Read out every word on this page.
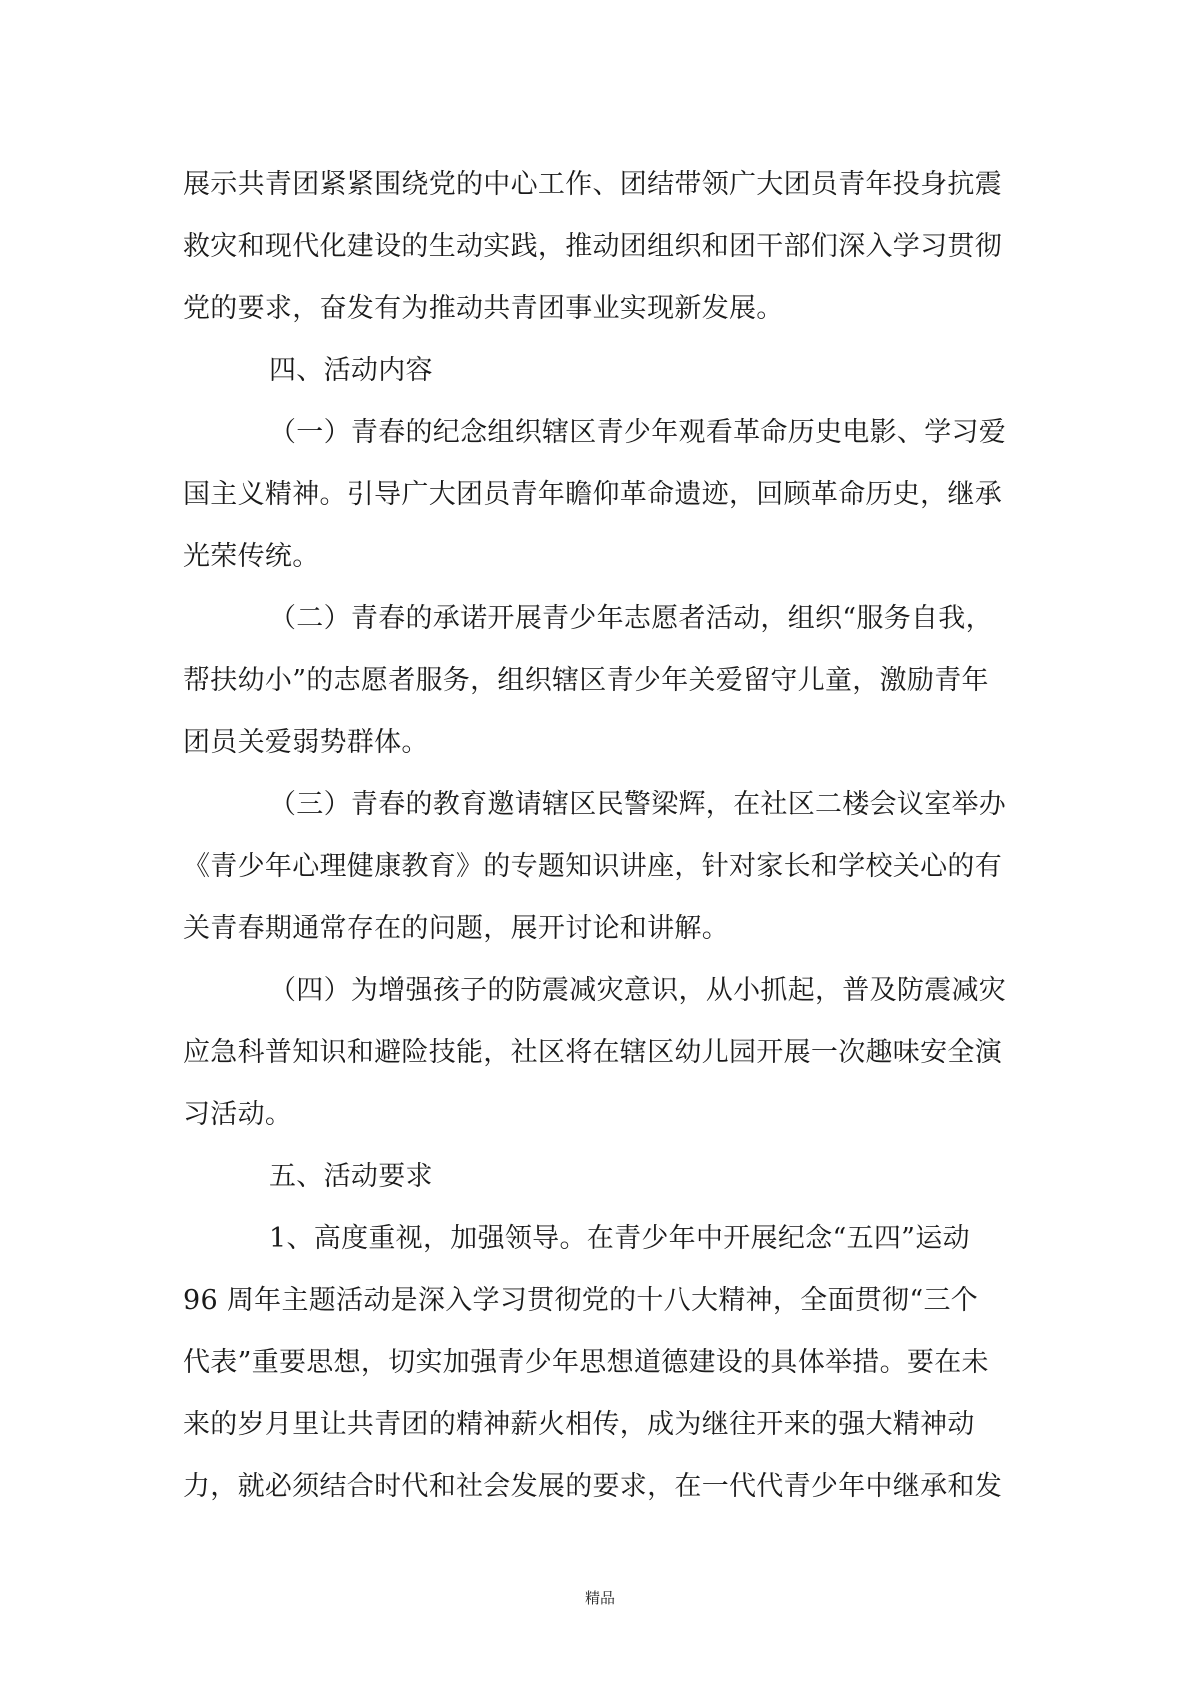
展示共青团紧紧围绕党的中心工作、团结带领广大团员青年投身抗震
救灾和现代化建设的生动实践，推动团组织和团干部们深入学习贯彻
党的要求，奋发有为推动共青团事业实现新发展。
四、活动内容
（一）青春的纪念组织辖区青少年观看革命历史电影、学习爱
国主义精神。引导广大团员青年瞻仰革命遗迹，回顾革命历史，继承
光荣传统。
（二）青春的承诺开展青少年志愿者活动，组织“服务自我，
帮扶幼小”的志愿者服务，组织辖区青少年关爱留守儿童，激励青年
团员关爱弱势群体。
（三）青春的教育邀请辖区民警梁辉，在社区二楼会议室举办
《青少年心理健康教育》的专题知识讲座，针对家长和学校关心的有
关青春期通常存在的问题，展开讨论和讲解。
（四）为增强孩子的防震减灾意识，从小抓起，普及防震减灾
应急科普知识和避险技能，社区将在辖区幼儿园开展一次趣味安全演
习活动。
五、活动要求
1、高度重视，加强领导。在青少年中开展纪念“五四”运动
96 周年主题活动是深入学习贯彻党的十八大精神，全面贯彻“三个
代表”重要思想，切实加强青少年思想道德建设的具体举措。要在未
来的岁月里让共青团的精神薪火相传，成为继往开来的强大精神动
力，就必须结合时代和社会发展的要求，在一代代青少年中继承和发
精品
